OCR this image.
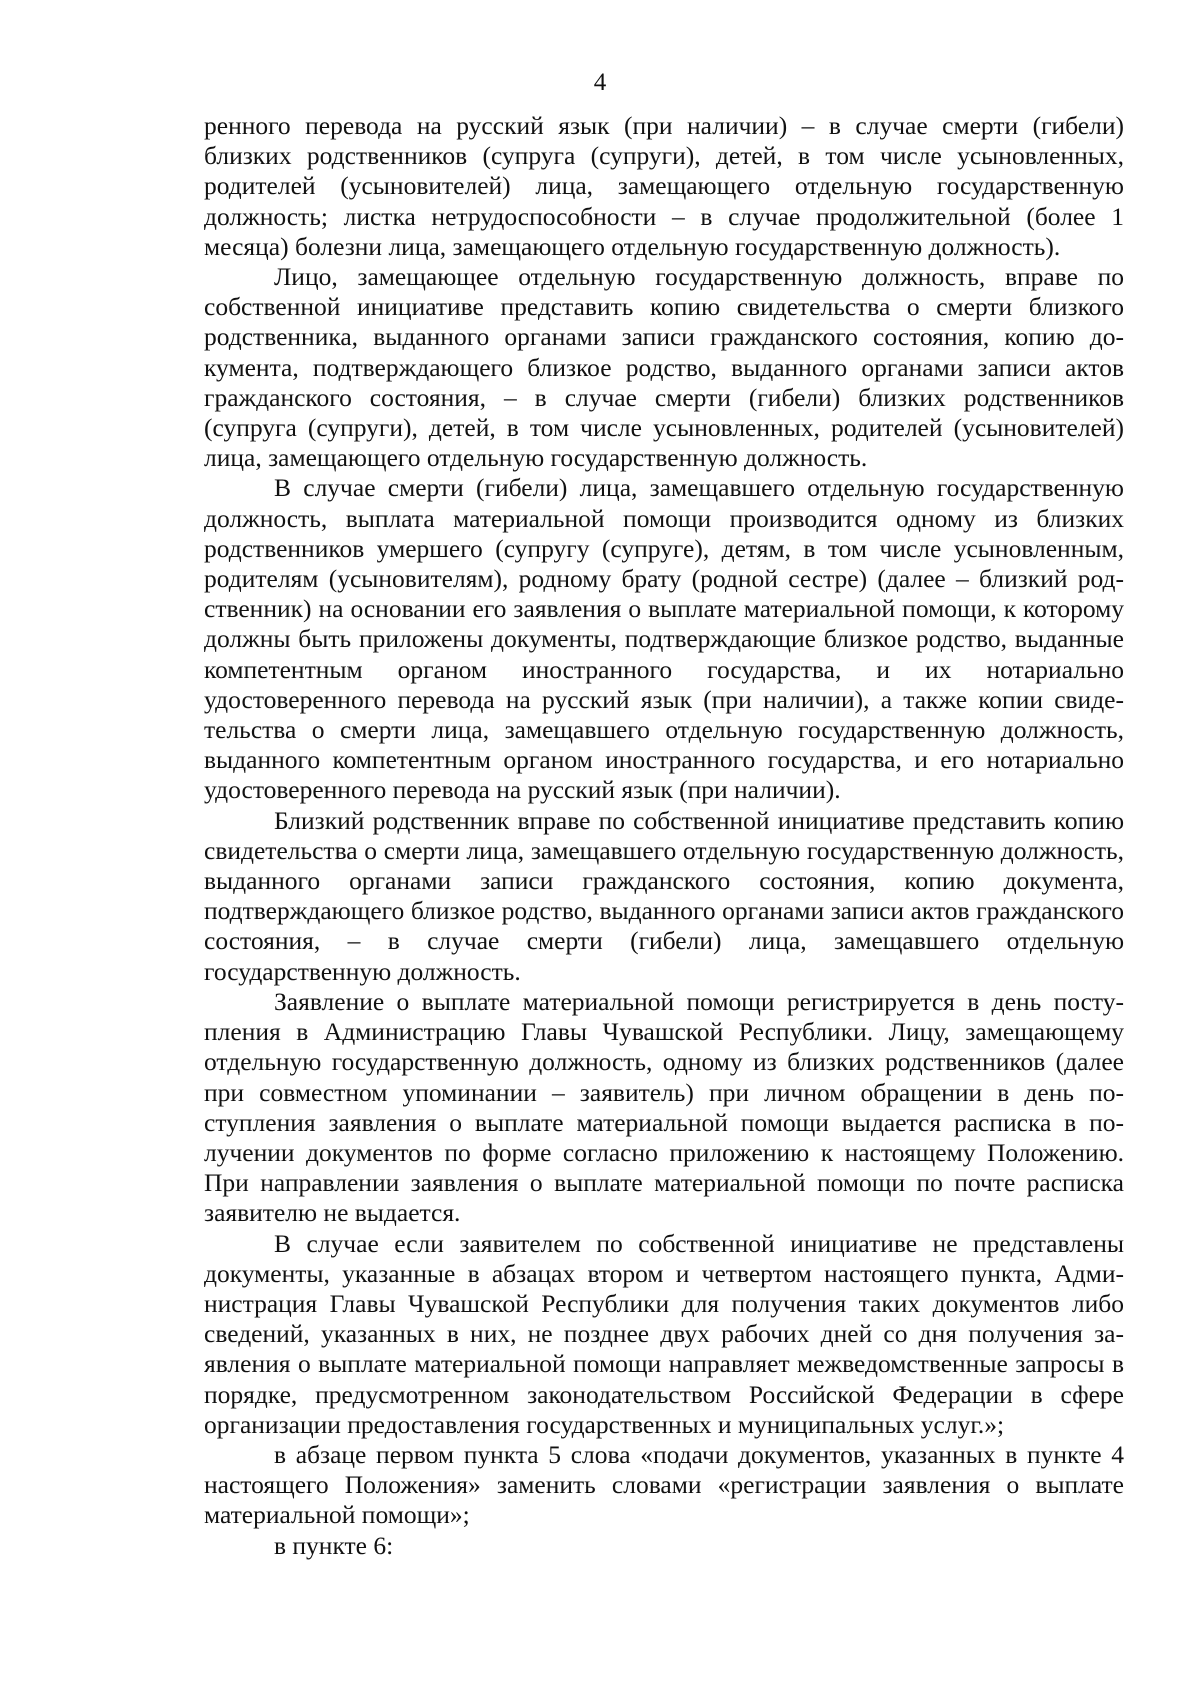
4

ренного перевода на русский язык (при наличии) – в случае смерти (гибели) близких родственников (супруга (супруги), детей, в том числе усыновленных, родителей (усыновителей) лица, замещающего отдельную государственную должность; листка нетрудоспособности – в случае продолжительной (более 1 месяца) болезни лица, замещающего отдельную государственную должность).

Лицо, замещающее отдельную государственную должность, вправе по собственной инициативе представить копию свидетельства о смерти близкого родственника, выданного органами записи гражданского состояния, копию документа, подтверждающего близкое родство, выданного органами записи актов гражданского состояния, – в случае смерти (гибели) близких родственников (супруга (супруги), детей, в том числе усыновленных, родителей (усыновителей) лица, замещающего отдельную государственную должность.

В случае смерти (гибели) лица, замещавшего отдельную государственную должность, выплата материальной помощи производится одному из близких родственников умершего (супругу (супруге), детям, в том числе усыновленным, родителям (усыновителям), родному брату (родной сестре) (далее – близкий родственник) на основании его заявления о выплате материальной помощи, к которому должны быть приложены документы, подтверждающие близкое родство, выданные компетентным органом иностранного государства, и их нотариально удостоверенного перевода на русский язык (при наличии), а также копии свидетельства о смерти лица, замещавшего отдельную государственную должность, выданного компетентным органом иностранного государства, и его нотариально удостоверенного перевода на русский язык (при наличии).

Близкий родственник вправе по собственной инициативе представить копию свидетельства о смерти лица, замещавшего отдельную государственную должность, выданного органами записи гражданского состояния, копию документа, подтверждающего близкое родство, выданного органами записи актов гражданского состояния, – в случае смерти (гибели) лица, замещавшего отдельную государственную должность.

Заявление о выплате материальной помощи регистрируется в день поступления в Администрацию Главы Чувашской Республики. Лицу, замещающему отдельную государственную должность, одному из близких родственников (далее при совместном упоминании – заявитель) при личном обращении в день поступления заявления о выплате материальной помощи выдается расписка в получении документов по форме согласно приложению к настоящему Положению. При направлении заявления о выплате материальной помощи по почте расписка заявителю не выдается.

В случае если заявителем по собственной инициативе не представлены документы, указанные в абзацах втором и четвертом настоящего пункта, Администрация Главы Чувашской Республики для получения таких документов либо сведений, указанных в них, не позднее двух рабочих дней со дня получения заявления о выплате материальной помощи направляет межведомственные запросы в порядке, предусмотренном законодательством Российской Федерации в сфере организации предоставления государственных и муниципальных услуг.»;

в абзаце первом пункта 5 слова «подачи документов, указанных в пункте 4 настоящего Положения» заменить словами «регистрации заявления о выплате материальной помощи»;

в пункте 6:
